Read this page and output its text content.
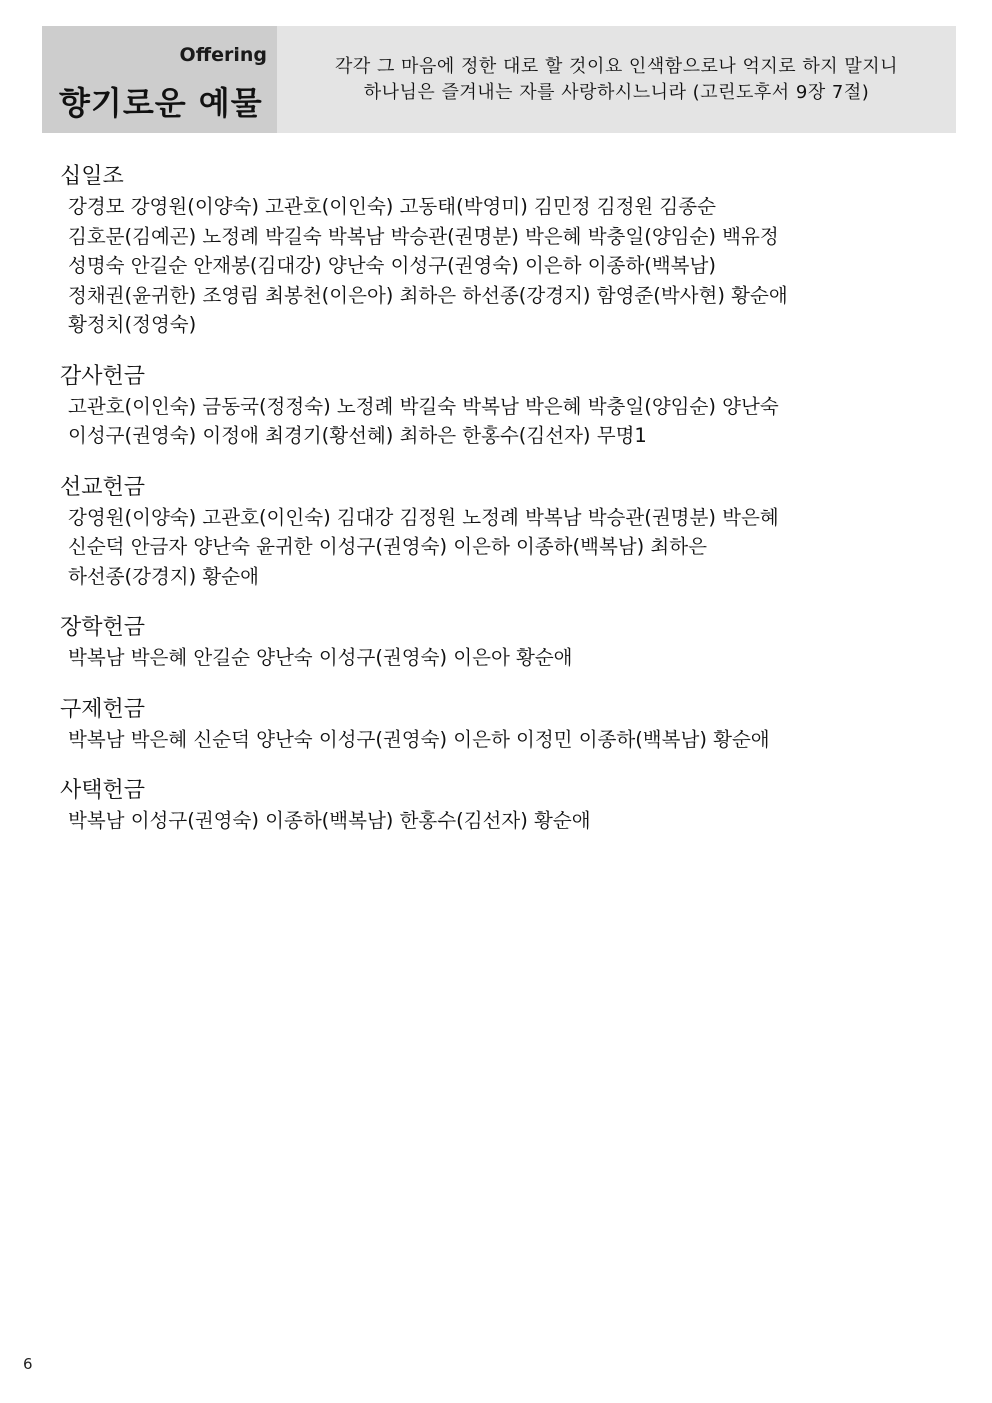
Offering
향기로운 예물
각각 그 마음에 정한 대로 할 것이요 인색함으로나 억지로 하지 말지니
하나님은 즐겨내는 자를 사랑하시느니라 (고린도후서 9장 7절)
십일조
강경모 강영원(이양숙) 고관호(이인숙) 고동태(박영미) 김민정 김정원 김종순
김호문(김예곤) 노정례 박길숙 박복남 박승관(권명분) 박은혜 박충일(양임순) 백유정
성명숙 안길순 안재봉(김대강) 양난숙 이성구(권영숙) 이은하 이종하(백복남)
정채권(윤귀한) 조영림 최봉천(이은아) 최하은 하선종(강경지) 함영준(박사현) 황순애
황정치(정영숙)
감사헌금
고관호(이인숙) 금동국(정정숙) 노정례 박길숙 박복남 박은혜 박충일(양임순) 양난숙
이성구(권영숙) 이정애 최경기(황선혜) 최하은 한홍수(김선자) 무명1
선교헌금
강영원(이양숙) 고관호(이인숙) 김대강 김정원 노정례 박복남 박승관(권명분) 박은혜
신순덕 안금자 양난숙 윤귀한 이성구(권영숙) 이은하 이종하(백복남) 최하은
하선종(강경지) 황순애
장학헌금
박복남 박은혜 안길순 양난숙 이성구(권영숙) 이은아 황순애
구제헌금
박복남 박은혜 신순덕 양난숙 이성구(권영숙) 이은하 이정민 이종하(백복남) 황순애
사택헌금
박복남 이성구(권영숙) 이종하(백복남) 한홍수(김선자) 황순애
6
